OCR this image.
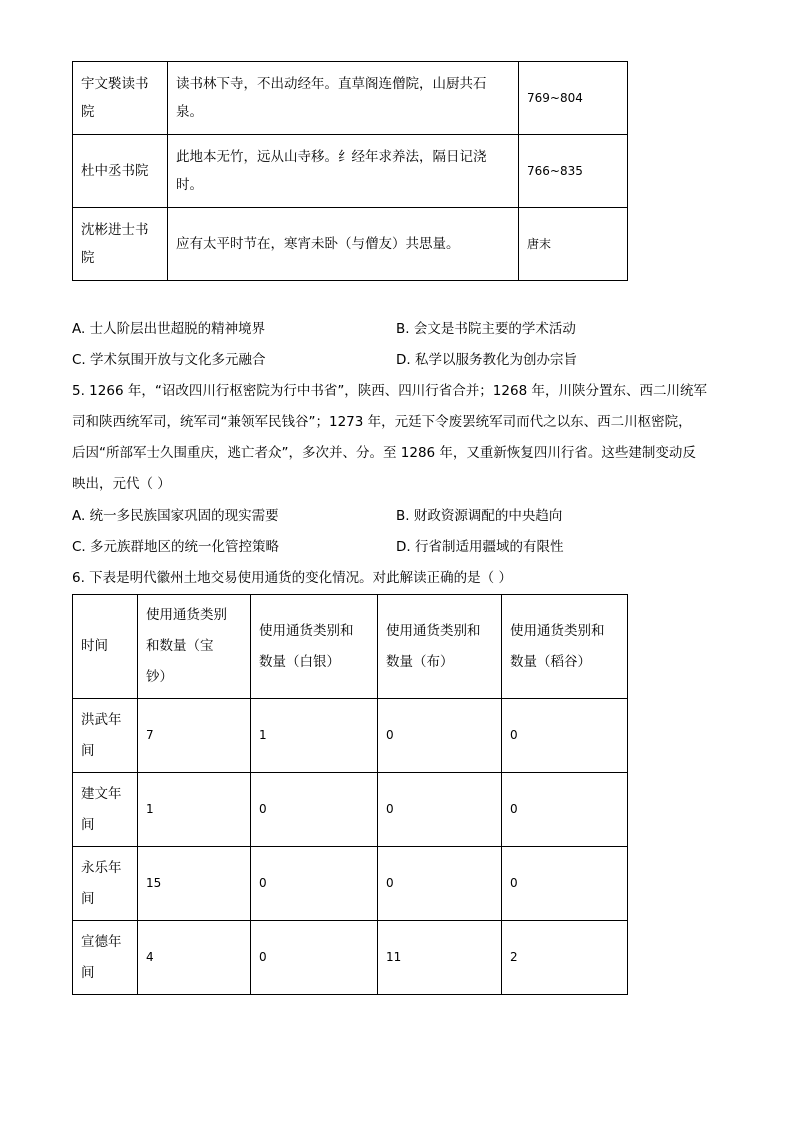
宇文褧读书
院	读书林下寺，不出动经年。直草阁连僧院，山厨共石
泉。	769~804
杜中丞书院	此地本无竹，远从山寺移。纟经年求养法，隔日记浇
时。	766~835
沈彬进士书
院	应有太平时节在，寒宵未卧（与僧友）共思量。	唐末
A. 士人阶层出世超脱的精神境界	B. 会文是书院主要的学术活动
C. 学术氛围开放与文化多元融合	D. 私学以服务教化为创办宗旨
5. 1266 年，“诏改四川行枢密院为行中书省”，陕西、四川行省合并；1268 年，川陕分置东、西二川统军
司和陕西统军司，统军司“兼领军民钱谷”；1273 年，元廷下令废罢统军司而代之以东、西二川枢密院，
后因“所部军士久围重庆，逃亡者众”，多次并、分。至 1286 年，又重新恢复四川行省。这些建制变动反
映出，元代（ ）
A. 统一多民族国家巩固的现实需要	B. 财政资源调配的中央趋向
C. 多元族群地区的统一化管控策略	D. 行省制适用疆域的有限性
6. 下表是明代徽州土地交易使用通货的变化情况。对此解读正确的是（ ）
时间	使用通货类别
和数量（宝
钞）	使用通货类别和
数量（白银）	使用通货类别和
数量（布）	使用通货类别和
数量（稻谷）
洪武年
间	7	1	0	0
建文年
间	1	0	0	0
永乐年
间	15	0	0	0
宣德年
间	4	0	11	2
